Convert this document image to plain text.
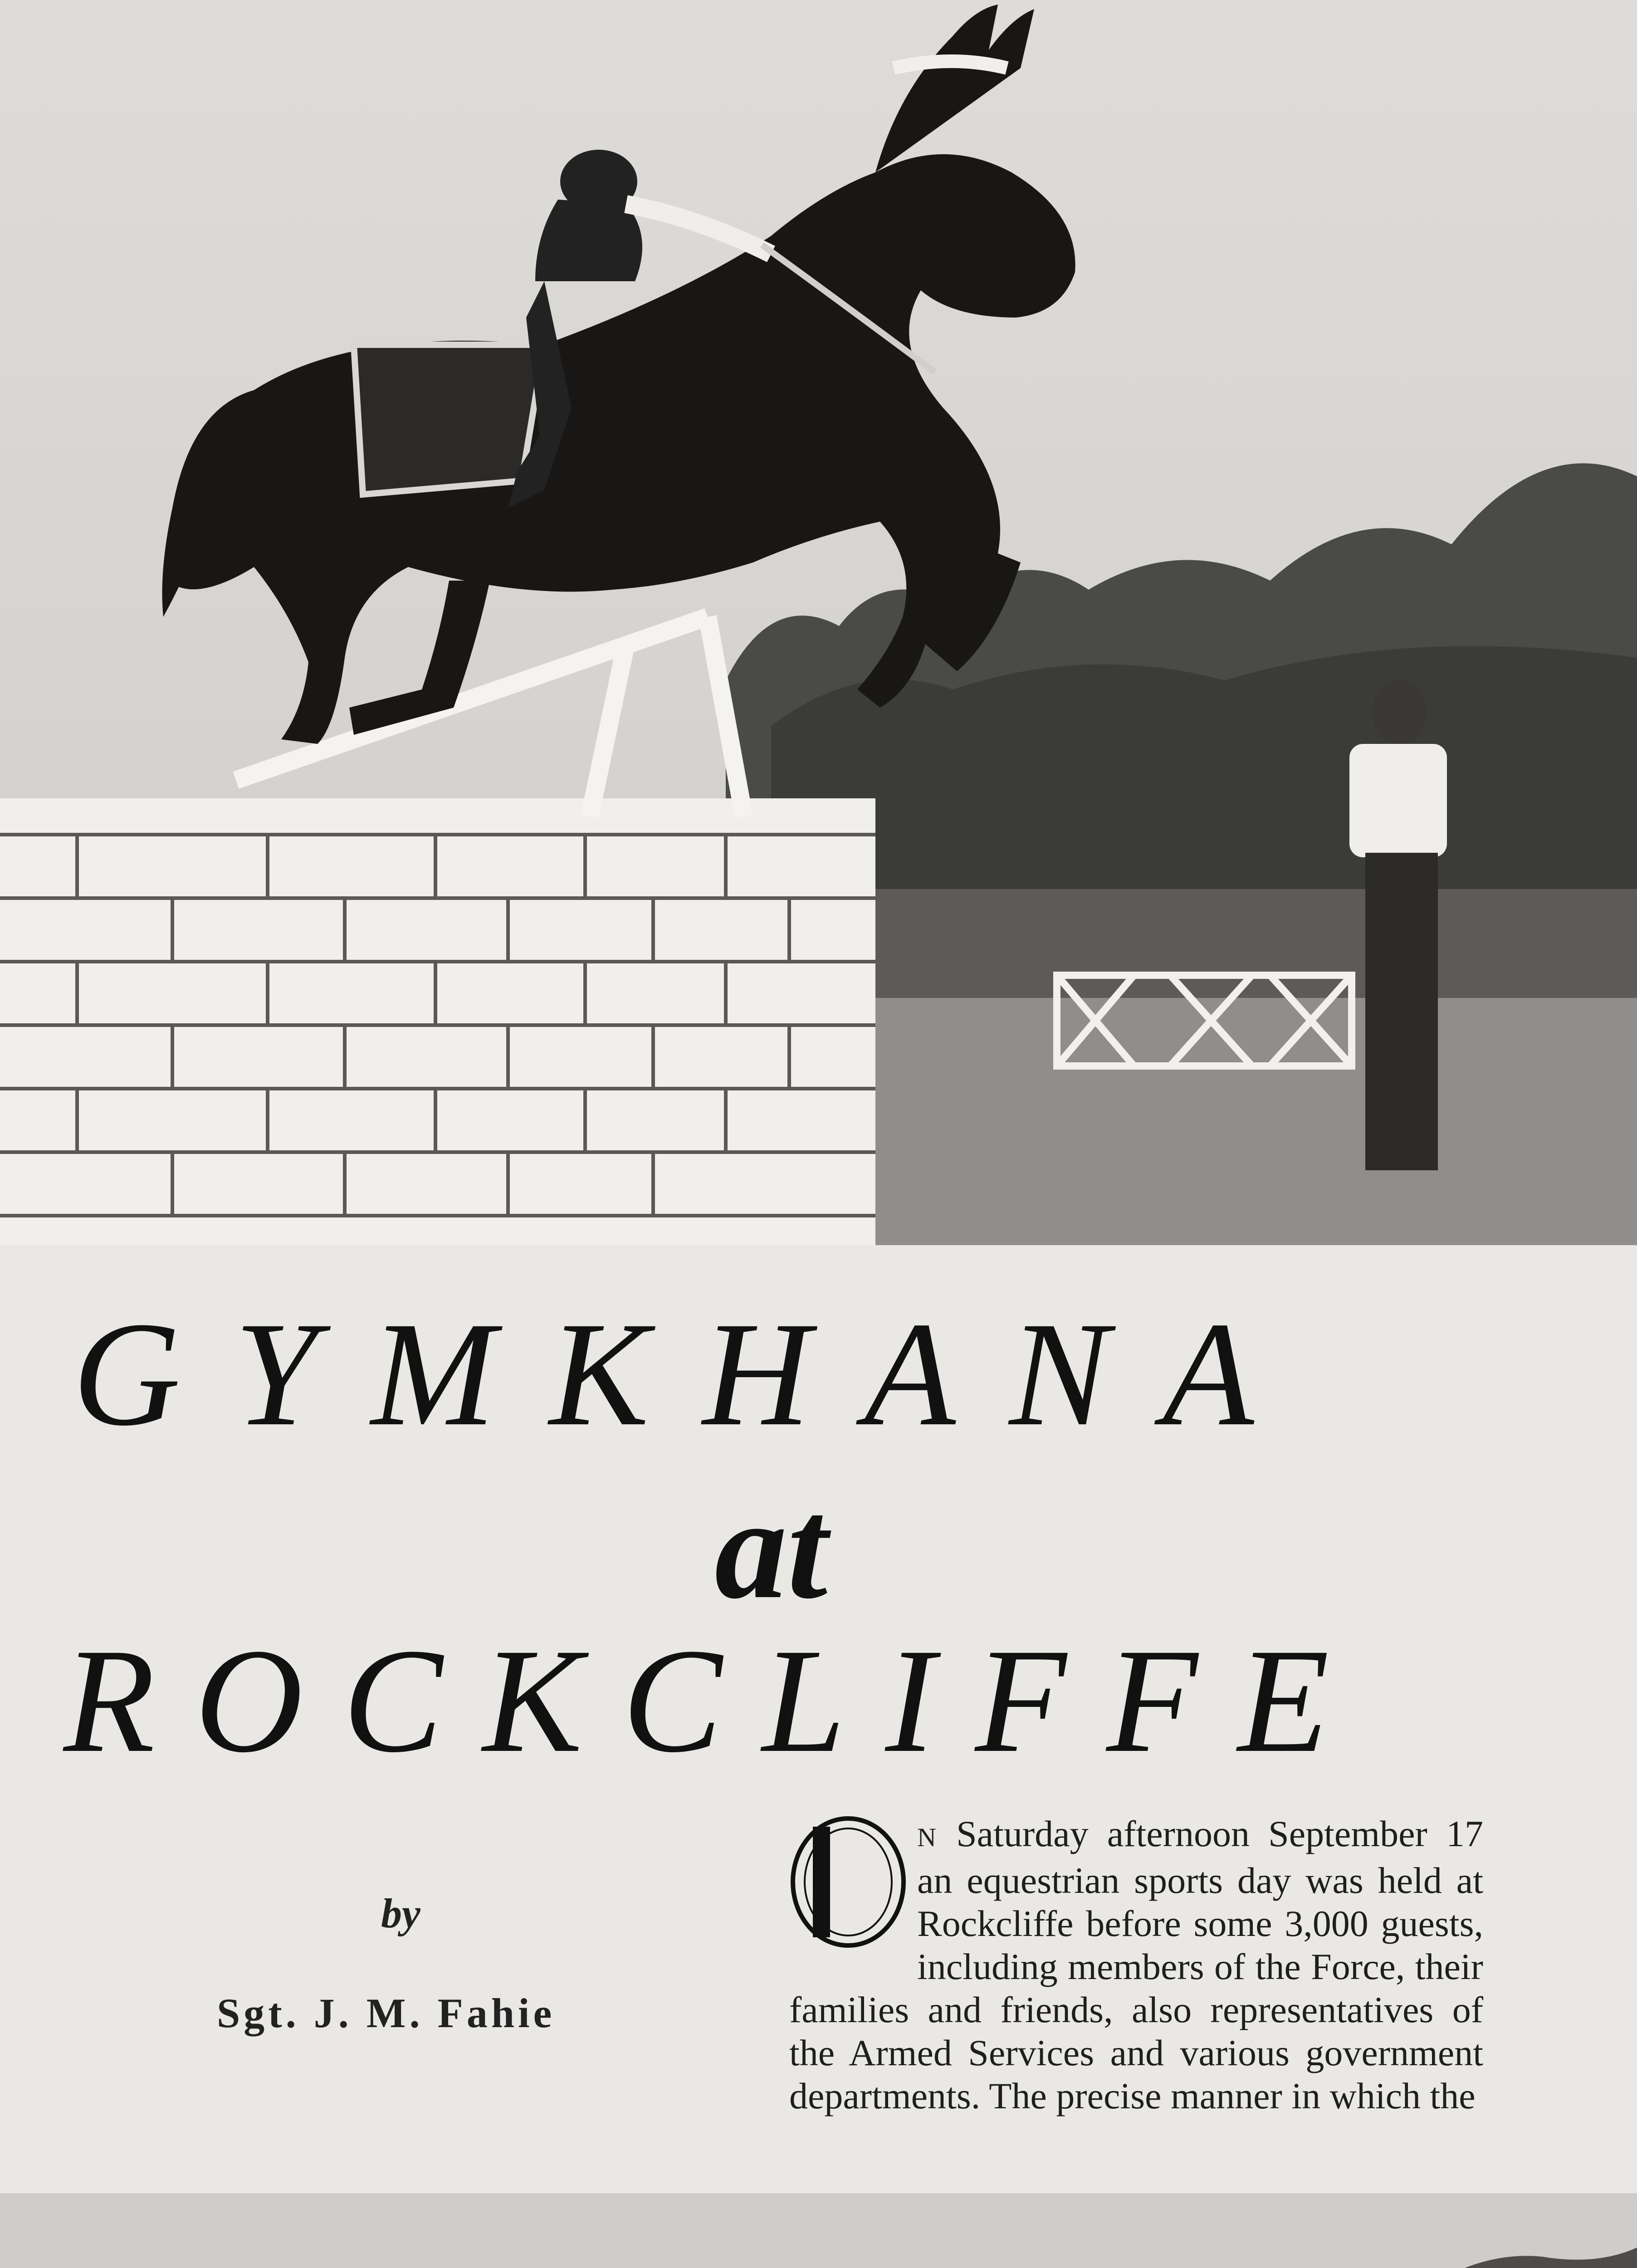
GYMKHANA
at
ROCKCLIFFE
by
Sgt. J. M. Fahie
O
N Saturday afternoon September 17 an equestrian sports day was held at Rockcliffe before some 3,000 guests, including members of the Force, their families and friends, also representatives of the Armed Services and various government departments. The precise manner in which the
